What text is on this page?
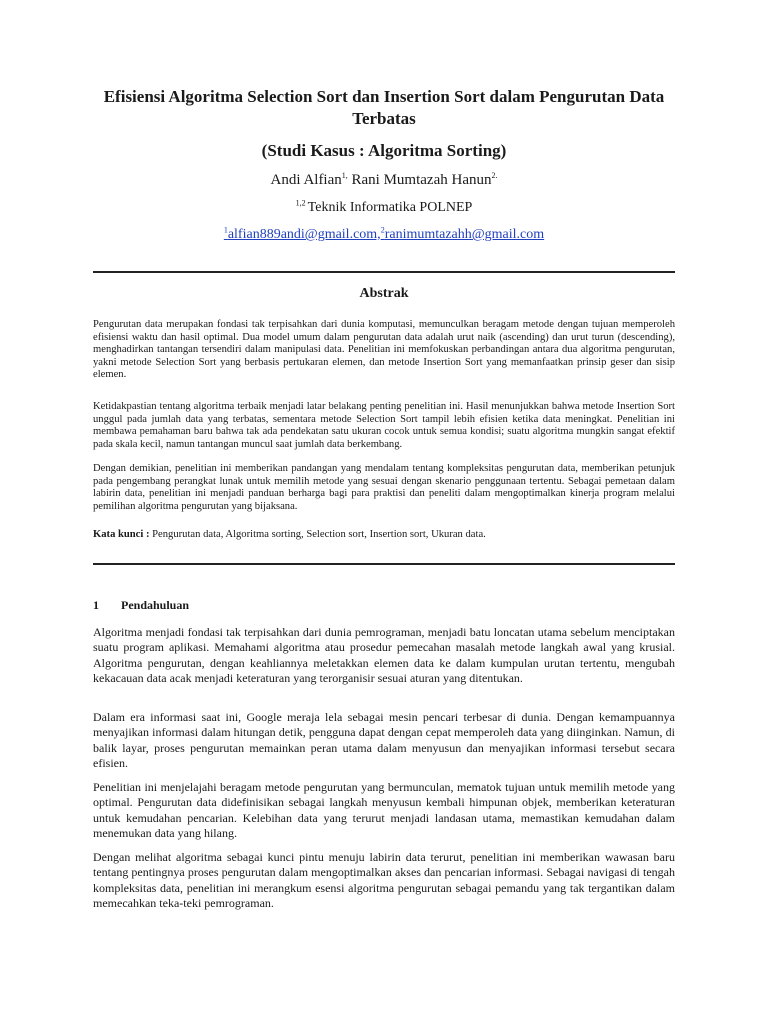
Efisiensi Algoritma Selection Sort dan Insertion Sort dalam Pengurutan Data Terbatas
(Studi Kasus : Algoritma Sorting)
Andi Alfian$^{1,}$ Rani Mumtazah Hanun$^{2.}$
$^{1,2}$ Teknik Informatika POLNEP
$^1$alfian889andi@gmail.com,$^2$ranimumtazahh@gmail.com
Abstrak

Pengurutan data merupakan fondasi tak terpisahkan dari dunia komputasi, memunculkan beragam metode dengan tujuan memperoleh efisiensi waktu dan hasil optimal. Dua model umum dalam pengurutan data adalah urut naik (ascending) dan urut turun (descending), menghadirkan tantangan tersendiri dalam manipulasi data. Penelitian ini memfokuskan perbandingan antara dua algoritma pengurutan, yakni metode Selection Sort yang berbasis pertukaran elemen, dan metode Insertion Sort yang memanfaatkan prinsip geser dan sisip elemen.

Ketidakpastian tentang algoritma terbaik menjadi latar belakang penting penelitian ini. Hasil menunjukkan bahwa metode Insertion Sort unggul pada jumlah data yang terbatas, sementara metode Selection Sort tampil lebih efisien ketika data meningkat. Penelitian ini membawa pemahaman baru bahwa tak ada pendekatan satu ukuran cocok untuk semua kondisi; suatu algoritma mungkin sangat efektif pada skala kecil, namun tantangan muncul saat jumlah data berkembang.

Dengan demikian, penelitian ini memberikan pandangan yang mendalam tentang kompleksitas pengurutan data, memberikan petunjuk pada pengembang perangkat lunak untuk memilih metode yang sesuai dengan skenario penggunaan tertentu. Sebagai pemetaan dalam labirin data, penelitian ini menjadi panduan berharga bagi para praktisi dan peneliti dalam mengoptimalkan kinerja program melalui pemilihan algoritma pengurutan yang bijaksana.

Kata kunci : Pengurutan data, Algoritma sorting, Selection sort, Insertion sort, Ukuran data.
1 Pendahuluan

Algoritma menjadi fondasi tak terpisahkan dari dunia pemrograman, menjadi batu loncatan utama sebelum menciptakan suatu program aplikasi. Memahami algoritma atau prosedur pemecahan masalah metode langkah awal yang krusial. Algoritma pengurutan, dengan keahliannya meletakkan elemen data ke dalam kumpulan urutan tertentu, mengubah kekacauan data acak menjadi keteraturan yang terorganisir sesuai aturan yang ditentukan.

Dalam era informasi saat ini, Google meraja lela sebagai mesin pencari terbesar di dunia. Dengan kemampuannya menyajikan informasi dalam hitungan detik, pengguna dapat dengan cepat memperoleh data yang diinginkan. Namun, di balik layar, proses pengurutan memainkan peran utama dalam menyusun dan menyajikan informasi tersebut secara efisien.

Penelitian ini menjelajahi beragam metode pengurutan yang bermunculan, mematok tujuan untuk memilih metode yang optimal. Pengurutan data didefinisikan sebagai langkah menyusun kembali himpunan objek, memberikan keteraturan untuk kemudahan pencarian. Kelebihan data yang terurut menjadi landasan utama, memastikan kemudahan dalam menemukan data yang hilang.

Dengan melihat algoritma sebagai kunci pintu menuju labirin data terurut, penelitian ini memberikan wawasan baru tentang pentingnya proses pengurutan dalam mengoptimalkan akses dan pencarian informasi. Sebagai navigasi di tengah kompleksitas data, penelitian ini merangkum esensi algoritma pengurutan sebagai pemandu yang tak tergantikan dalam memecahkan teka-teki pemrograman.
